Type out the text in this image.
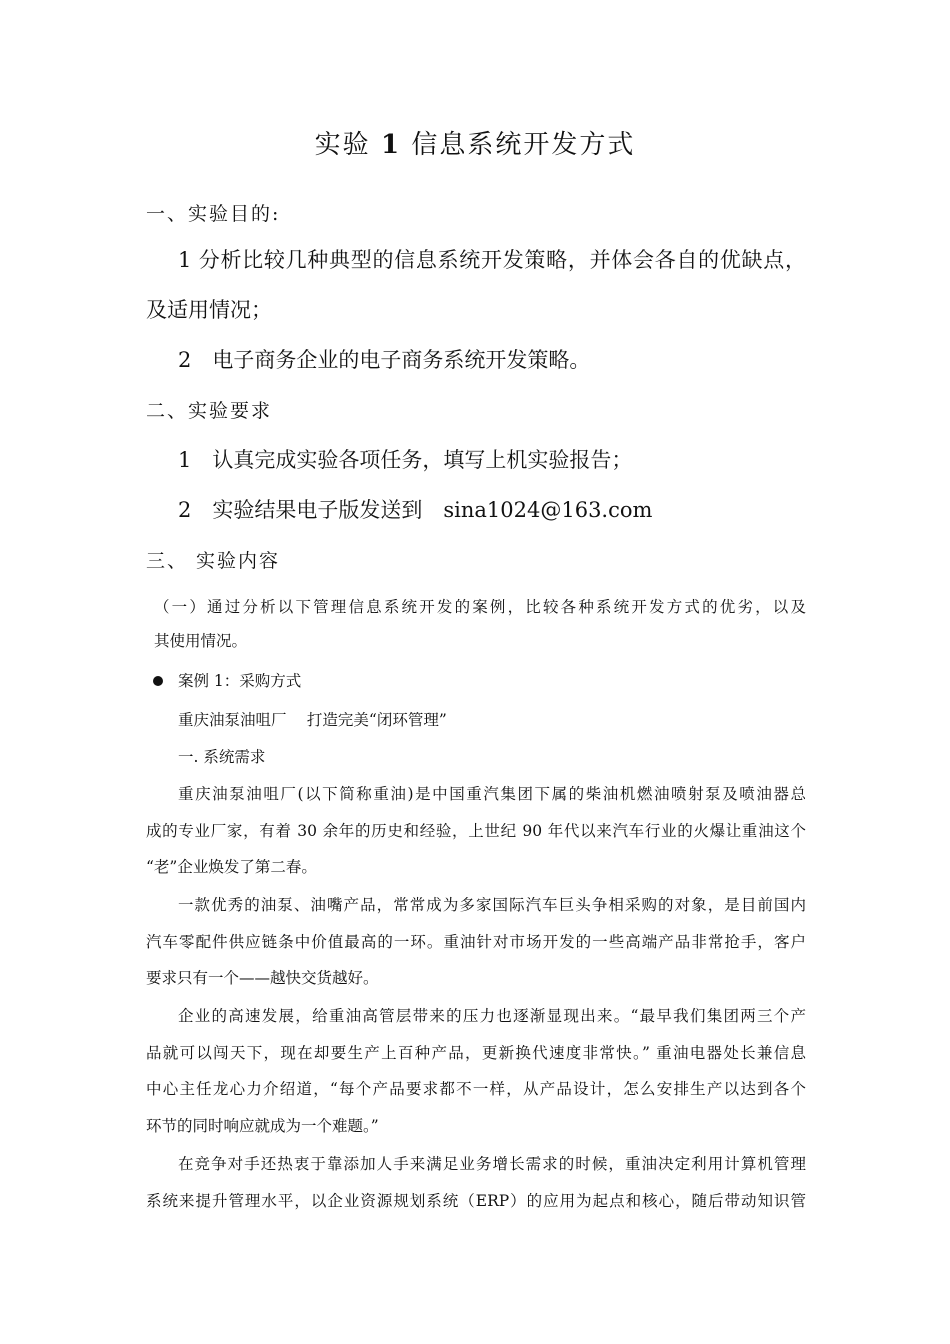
实验 1 信息系统开发方式
一、实验目的:
1 分析比较几种典型的信息系统开发策略，并体会各自的优缺点，
及适用情况；
2　电子商务企业的电子商务系统开发策略。
二、实验要求
1　认真完成实验各项任务，填写上机实验报告；
2　实验结果电子版发送到　sina1024@163.com
三、 实验内容
（一）通过分析以下管理信息系统开发的案例，比较各种系统开发方式的优劣，以及
其使用情况。
案例 1：采购方式
重庆油泵油咀厂　 打造完美“闭环管理”
一. 系统需求
重庆油泵油咀厂(以下简称重油)是中国重汽集团下属的柴油机燃油喷射泵及喷油器总
成的专业厂家，有着 30 余年的历史和经验，上世纪 90 年代以来汽车行业的火爆让重油这个
“老”企业焕发了第二春。
一款优秀的油泵、油嘴产品，常常成为多家国际汽车巨头争相采购的对象，是目前国内
汽车零配件供应链条中价值最高的一环。重油针对市场开发的一些高端产品非常抢手，客户
要求只有一个——越快交货越好。
企业的高速发展，给重油高管层带来的压力也逐渐显现出来。“最早我们集团两三个产
品就可以闯天下，现在却要生产上百种产品，更新换代速度非常快。” 重油电器处长兼信息
中心主任龙心力介绍道，“每个产品要求都不一样，从产品设计，怎么安排生产以达到各个
环节的同时响应就成为一个难题。”
在竞争对手还热衷于靠添加人手来满足业务增长需求的时候，重油决定利用计算机管理
系统来提升管理水平，以企业资源规划系统（ERP）的应用为起点和核心，随后带动知识管
